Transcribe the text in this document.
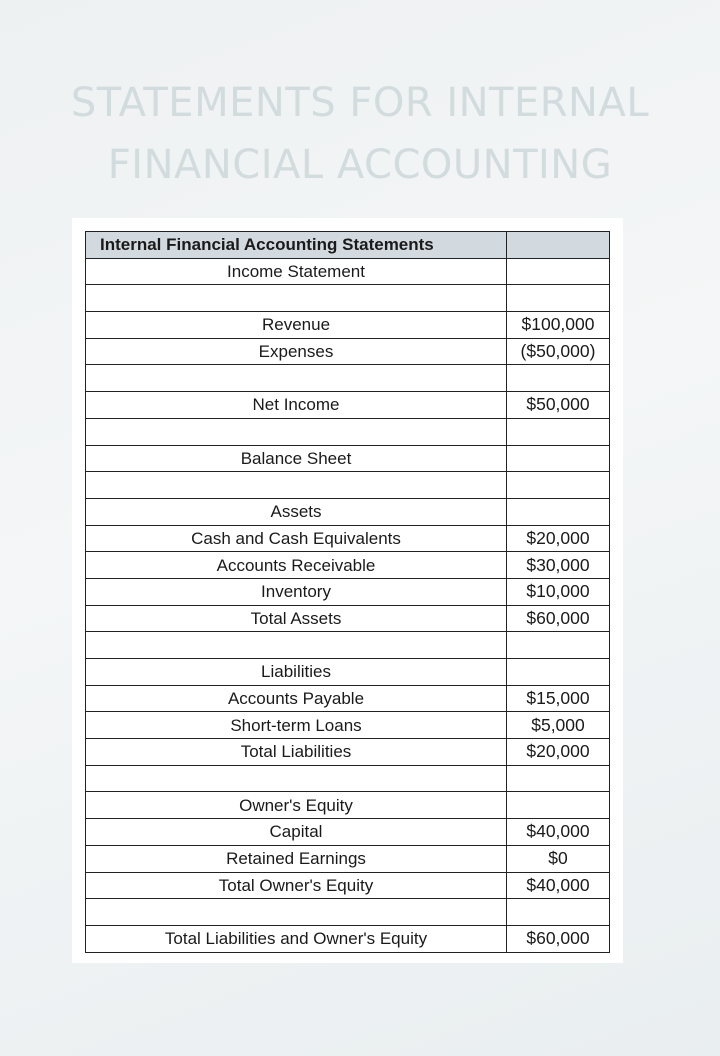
STATEMENTS FOR INTERNAL
FINANCIAL ACCOUNTING
Internal Financial Accounting Statements	
Income Statement	

Revenue	$100,000
Expenses	($50,000)

Net Income	$50,000

Balance Sheet	

Assets	
Cash and Cash Equivalents	$20,000
Accounts Receivable	$30,000
Inventory	$10,000
Total Assets	$60,000

Liabilities	
Accounts Payable	$15,000
Short-term Loans	$5,000
Total Liabilities	$20,000

Owner's Equity	
Capital	$40,000
Retained Earnings	$0
Total Owner's Equity	$40,000

Total Liabilities and Owner's Equity	$60,000
